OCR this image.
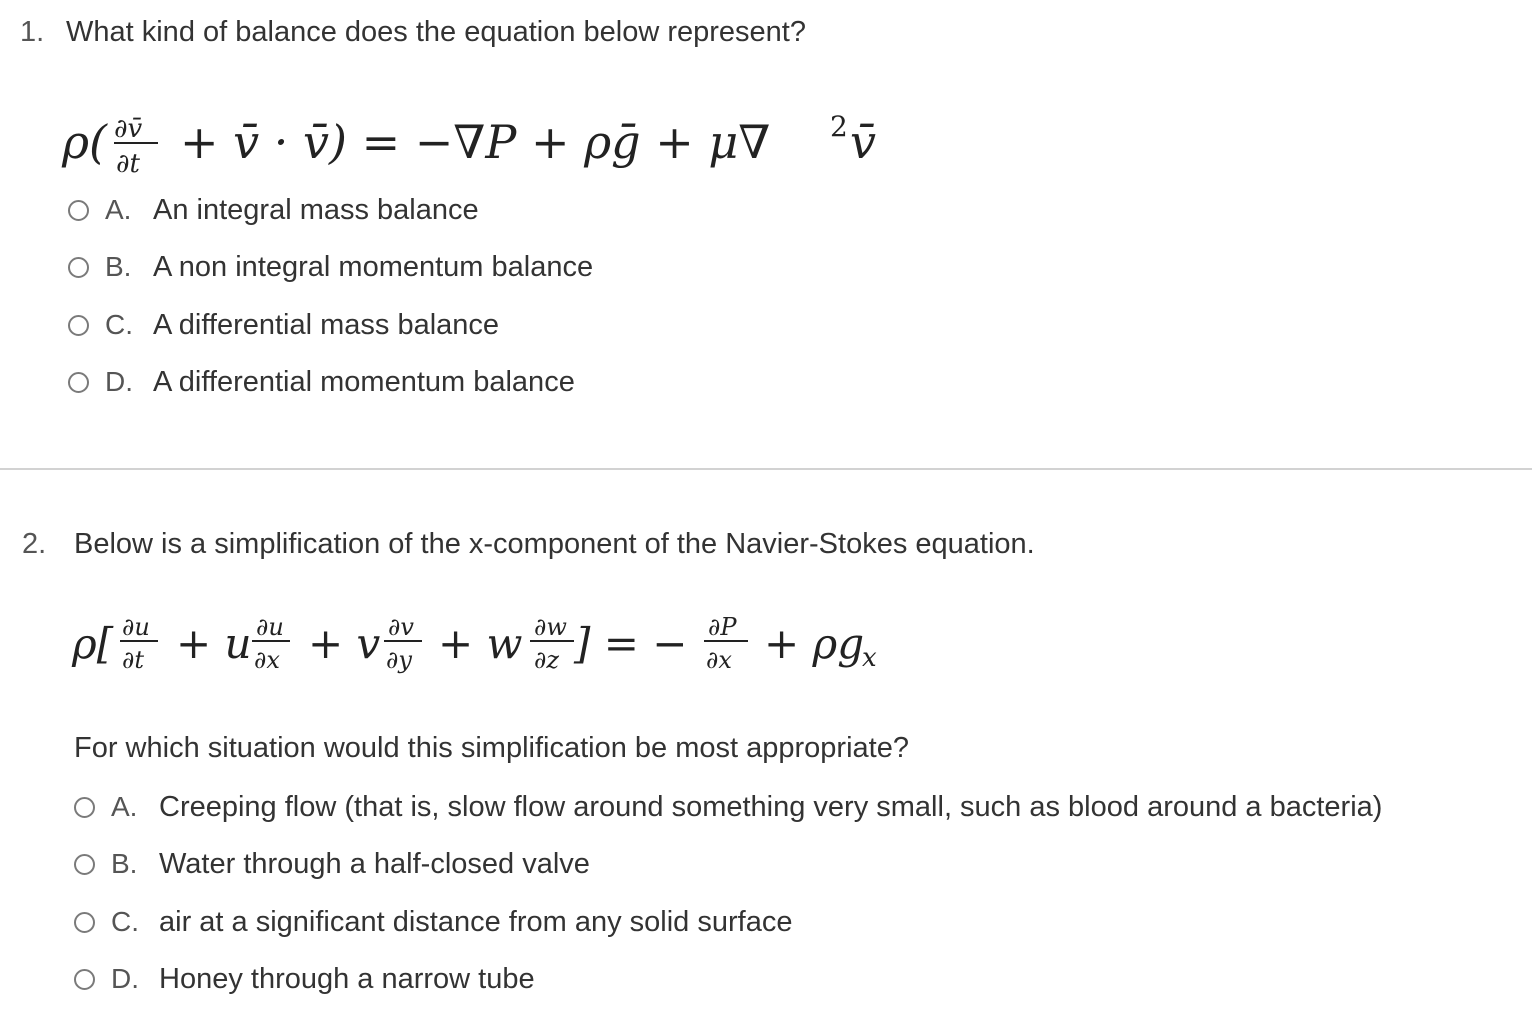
1. What kind of balance does the equation below represent?
ρ( ∂v̄
∂t + v̄ · v̄) = −∇P + ρḡ + μ∇ 2 v̄
A. An integral mass balance
B. A non integral momentum balance
C. A differential mass balance
D. A differential momentum balance
2. Below is a simplification of the x-component of the Navier-Stokes equation.
ρ[ ∂u
∂t + u ∂u
∂x + v ∂v
∂y + w ∂w
∂z ] = − ∂P
∂x + ρg
x
For which situation would this simplification be most appropriate?
A. Creeping flow (that is, slow flow around something very small, such as blood around a bacteria)
B. Water through a half-closed valve
C. air at a significant distance from any solid surface
D. Honey through a narrow tube
